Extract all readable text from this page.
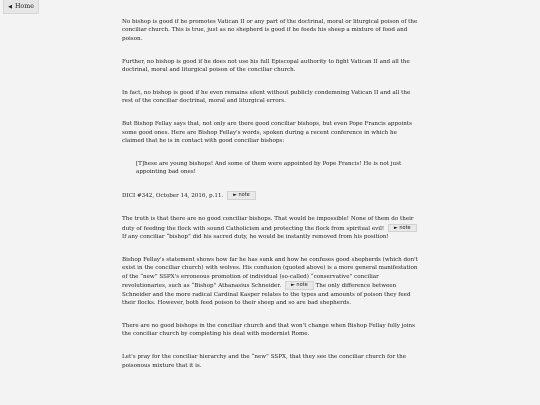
◀ Home

No bishop is good if he promotes Vatican II or any part of the doctrinal, moral or liturgical poison of the conciliar church. This is true, just as no shepherd is good if he feeds his sheep a mixture of food and poison.

Further, no bishop is good if he does not use his full Episcopal authority to fight Vatican II and all the doctrinal, moral and liturgical poison of the conciliar church.

In fact, no bishop is good if he even remains silent without publicly condemning Vatican II and all the rest of the conciliar doctrinal, moral and liturgical errors.

But Bishop Fellay says that, not only are there good conciliar bishops, but even Pope Francis appoints some good ones. Here are Bishop Fellay's words, spoken during a recent conference in which he claimed that he is in contact with good conciliar bishops:

[T]hese are young bishops! And some of them were appointed by Pope Francis! He is not just appointing bad ones!

DICI #342, October 14, 2016, p.11. ► note

The truth is that there are no good conciliar bishops. That would be impossible! None of them do their duty of feeding the flock with sound Catholicism and protecting the flock from spiritual evil! ► note If any conciliar “bishop” did his sacred duty, he would be instantly removed from his position!

Bishop Fellay's statement shows how far he has sunk and how he confuses good shepherds (which don't exist in the conciliar church) with wolves. His confusion (quoted above) is a more general manifestation of the “new” SSPX's erroneous promotion of individual (so-called) “conservative” conciliar revolutionaries, such as “Bishop” Athanasius Schneider. ► note The only difference between Schneider and the more radical Cardinal Kasper relates to the types and amounts of poison they feed their flocks. However, both feed poison to their sheep and so are bad shepherds.

There are no good bishops in the conciliar church and that won't change when Bishop Fellay fully joins the conciliar church by completing his deal with modernist Rome.

Let's pray for the conciliar hierarchy and the “new” SSPX, that they see the conciliar church for the poisonous mixture that it is.
